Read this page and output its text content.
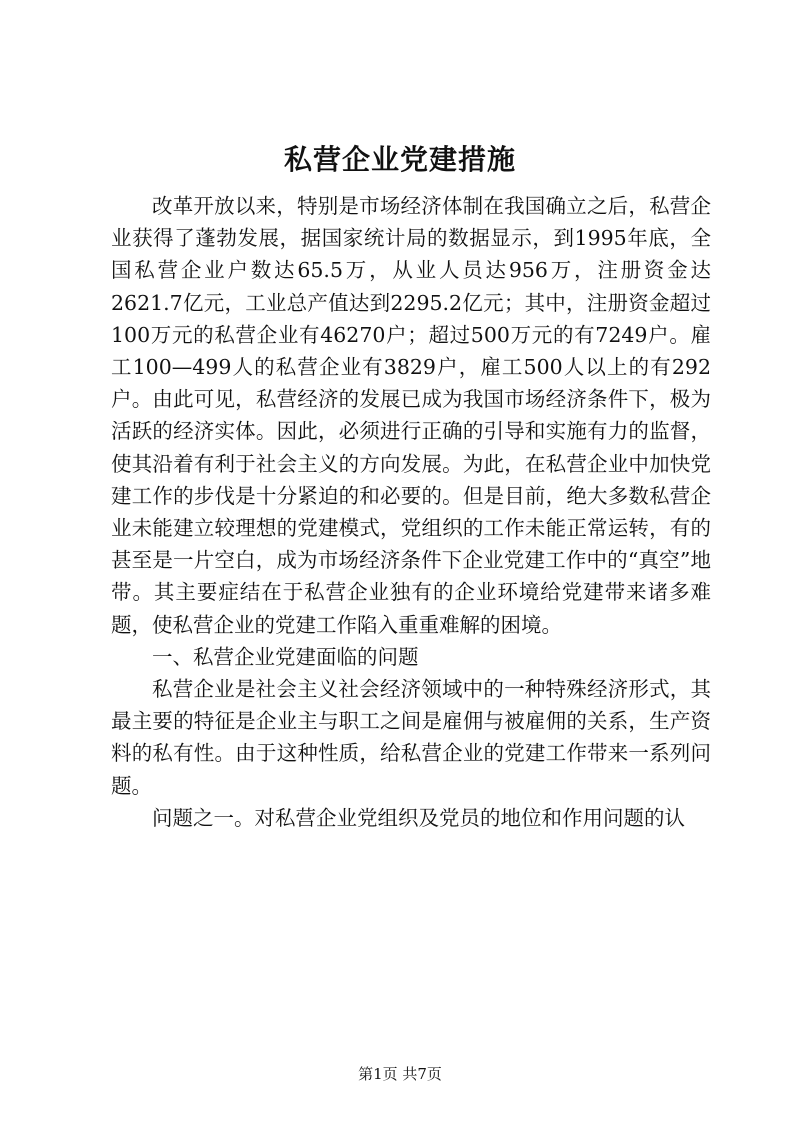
私营企业党建措施

改革开放以来，特别是市场经济体制在我国确立之后，私营企业获得了蓬勃发展，据国家统计局的数据显示，到1995年底，全国私营企业户数达65.5万，从业人员达956万，注册资金达2621.7亿元，工业总产值达到2295.2亿元；其中，注册资金超过100万元的私营企业有46270户；超过500万元的有7249户。雇工100—499人的私营企业有3829户，雇工500人以上的有292户。由此可见，私营经济的发展已成为我国市场经济条件下，极为活跃的经济实体。因此，必须进行正确的引导和实施有力的监督，使其沿着有利于社会主义的方向发展。为此，在私营企业中加快党建工作的步伐是十分紧迫的和必要的。但是目前，绝大多数私营企业未能建立较理想的党建模式，党组织的工作未能正常运转，有的甚至是一片空白，成为市场经济条件下企业党建工作中的“真空”地带。其主要症结在于私营企业独有的企业环境给党建带来诸多难题，使私营企业的党建工作陷入重重难解的困境。

一、私营企业党建面临的问题

私营企业是社会主义社会经济领域中的一种特殊经济形式，其最主要的特征是企业主与职工之间是雇佣与被雇佣的关系，生产资料的私有性。由于这种性质，给私营企业的党建工作带来一系列问题。

问题之一。对私营企业党组织及党员的地位和作用问题的认

第1页 共7页
